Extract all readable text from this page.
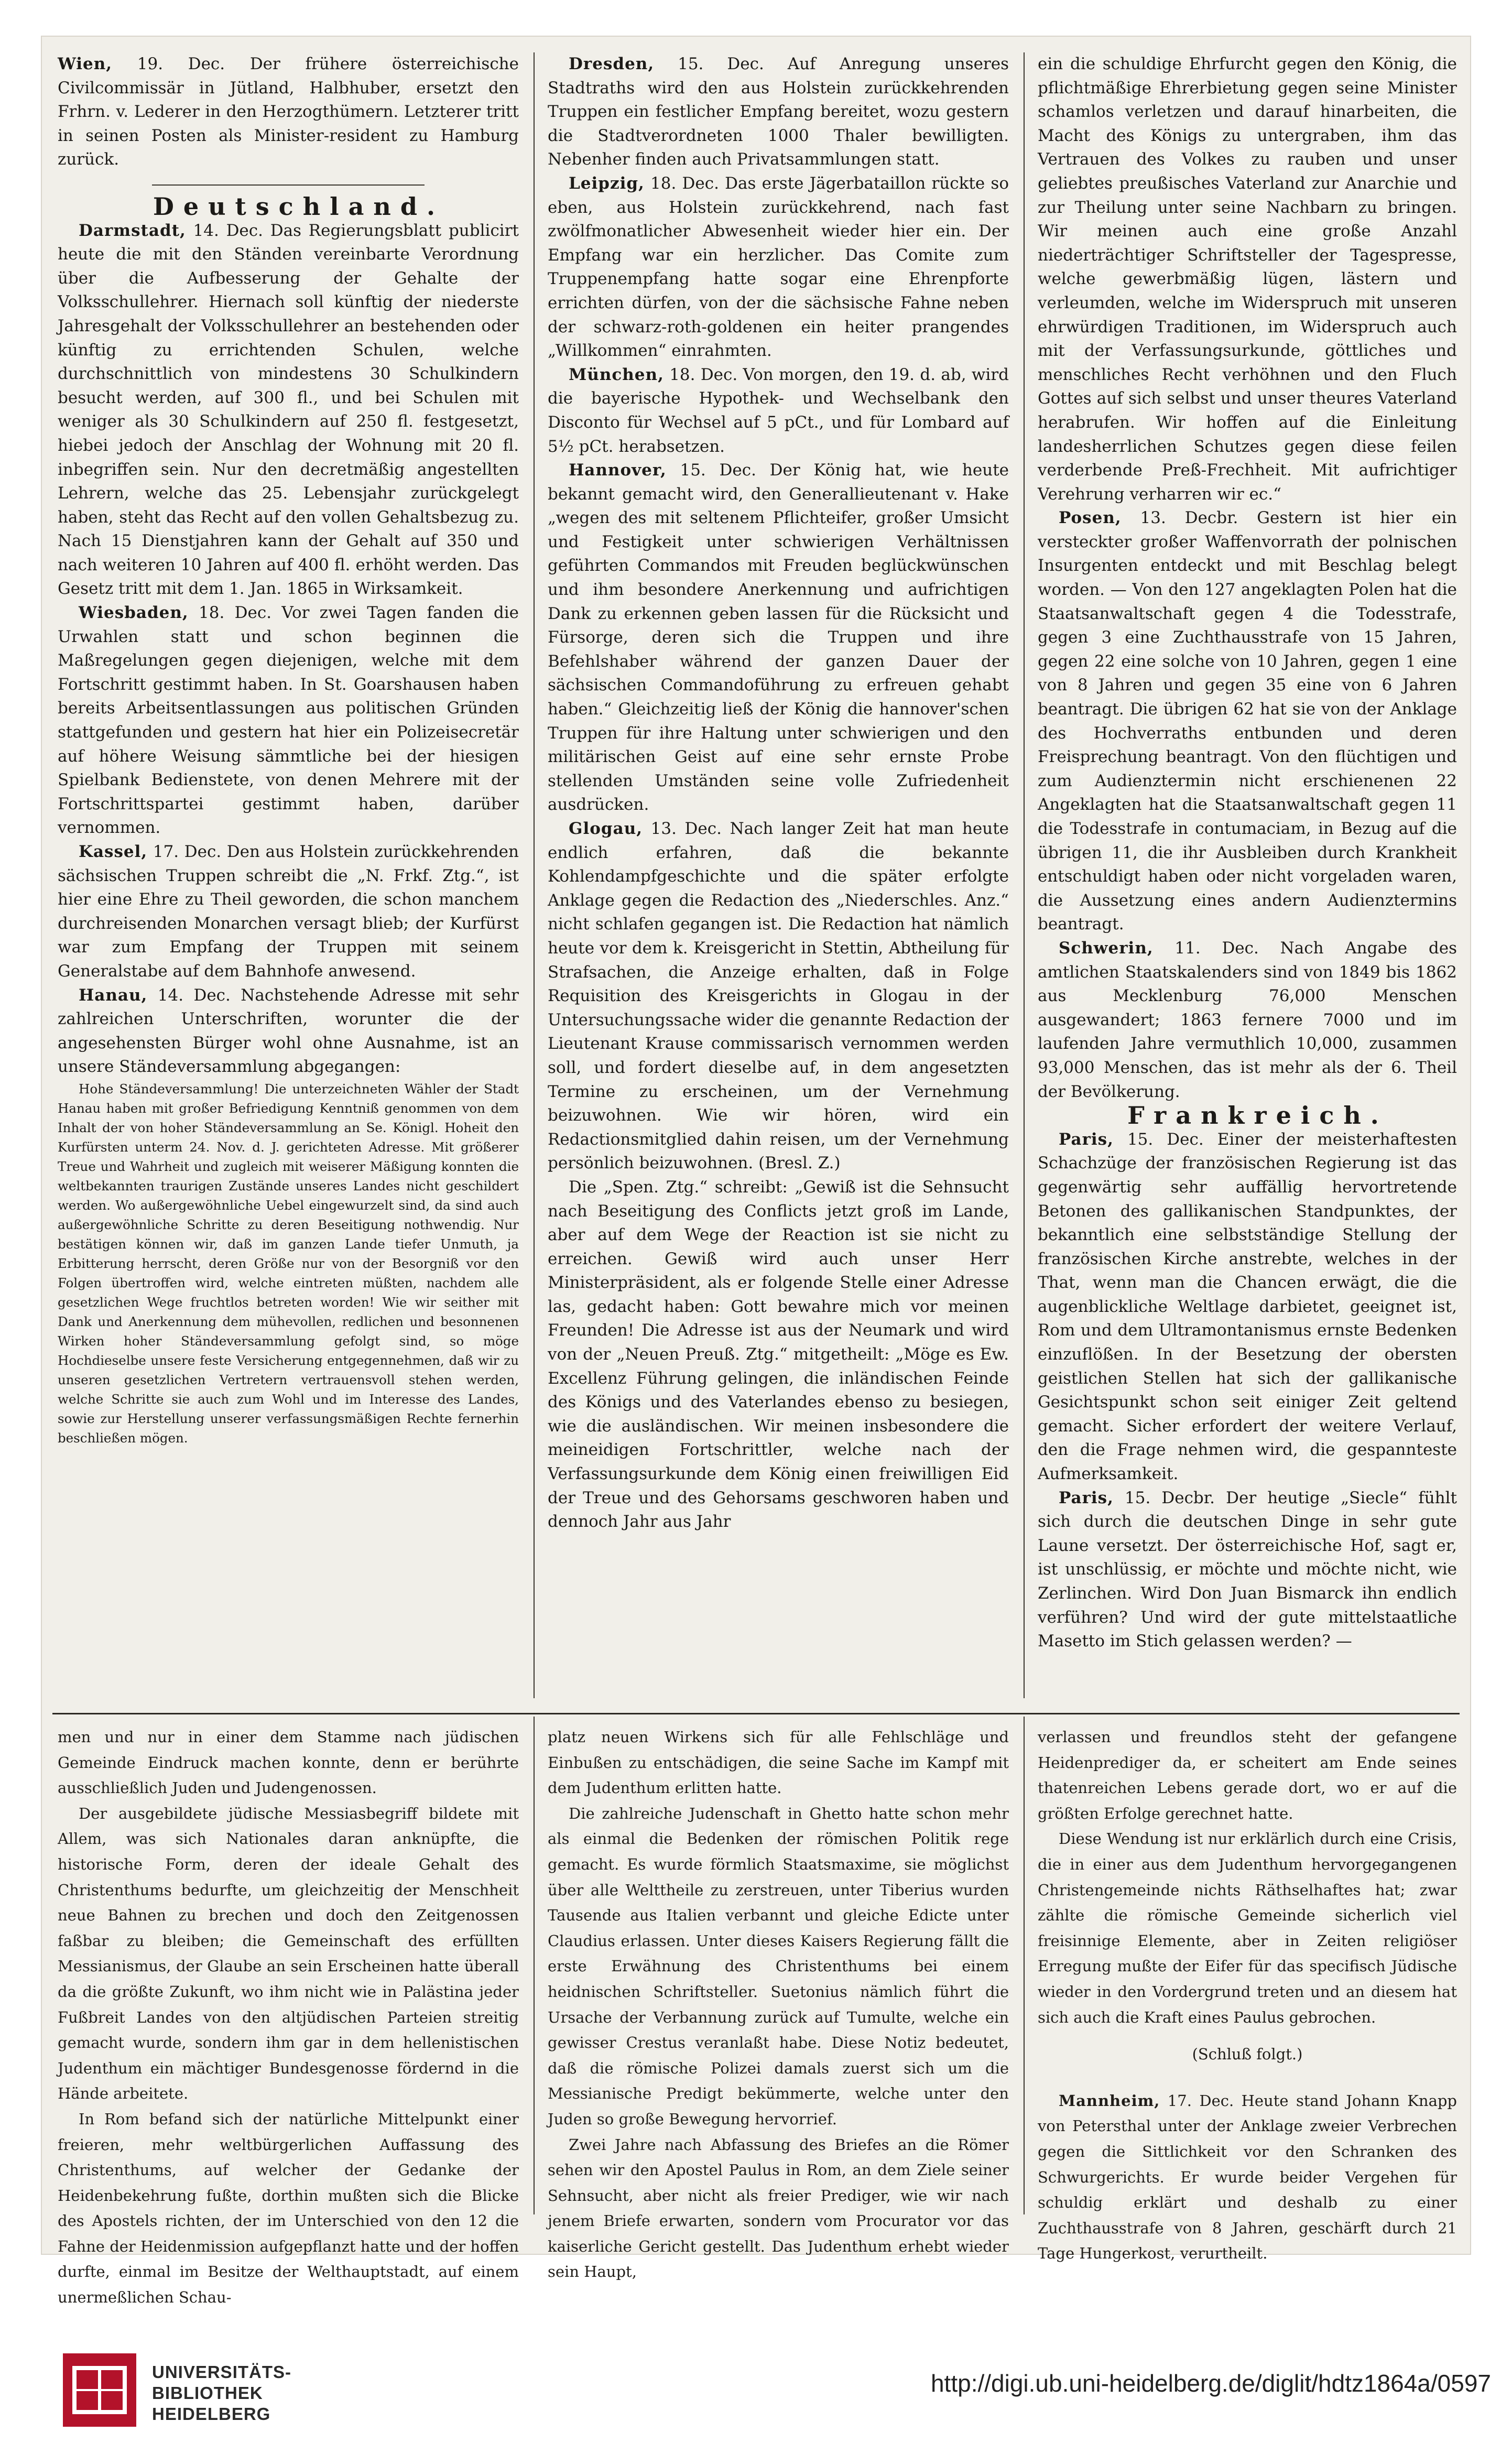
Wien, 19. Dec. Der frühere österreichische Civilcommissär in Jütland, Halbhuber, ersetzt den Frhrn. v. Lederer in den Herzogthümern. Letzterer tritt in seinen Posten als Minister-resident zu Hamburg zurück.

Deutschland.

Darmstadt, 14. Dec. Das Regierungsblatt publicirt heute die mit den Ständen vereinbarte Verordnung über die Aufbesserung der Gehalte der Volksschullehrer. Hiernach soll künftig der niederste Jahresgehalt der Volksschullehrer an bestehenden oder künftig zu errichtenden Schulen, welche durchschnittlich von mindestens 30 Schulkindern besucht werden, auf 300 fl., und bei Schulen mit weniger als 30 Schulkindern auf 250 fl. festgesetzt, hiebei jedoch der Anschlag der Wohnung mit 20 fl. inbegriffen sein. Nur den decretmäßig angestellten Lehrern, welche das 25. Lebensjahr zurückgelegt haben, steht das Recht auf den vollen Gehaltsbezug zu. Nach 15 Dienstjahren kann der Gehalt auf 350 und nach weiteren 10 Jahren auf 400 fl. erhöht werden. Das Gesetz tritt mit dem 1. Jan. 1865 in Wirksamkeit.

Wiesbaden, 18. Dec. Vor zwei Tagen fanden die Urwahlen statt und schon beginnen die Maßregelungen gegen diejenigen, welche mit dem Fortschritt gestimmt haben. In St. Goarshausen haben bereits Arbeitsentlassungen aus politischen Gründen stattgefunden und gestern hat hier ein Polizeisecretär auf höhere Weisung sämmtliche bei der hiesigen Spielbank Bedienstete, von denen Mehrere mit der Fortschrittspartei gestimmt haben, darüber vernommen.

Kassel, 17. Dec. Den aus Holstein zurückkehrenden sächsischen Truppen schreibt die „N. Frkf. Ztg.“, ist hier eine Ehre zu Theil geworden, die schon manchem durchreisenden Monarchen versagt blieb; der Kurfürst war zum Empfang der Truppen mit seinem Generalstabe auf dem Bahnhofe anwesend.

Hanau, 14. Dec. Nachstehende Adresse mit sehr zahlreichen Unterschriften, worunter die der angesehensten Bürger wohl ohne Ausnahme, ist an unsere Ständeversammlung abgegangen:

Hohe Ständeversammlung! Die unterzeichneten Wähler der Stadt Hanau haben mit großer Befriedigung Kenntniß genommen von dem Inhalt der von hoher Ständeversammlung an Se. Königl. Hoheit den Kurfürsten unterm 24. Nov. d. J. gerichteten Adresse. Mit größerer Treue und Wahrheit und zugleich mit weiserer Mäßigung konnten die weltbekannten traurigen Zustände unseres Landes nicht geschildert werden. Wo außergewöhnliche Uebel eingewurzelt sind, da sind auch außergewöhnliche Schritte zu deren Beseitigung nothwendig. Nur bestätigen können wir, daß im ganzen Lande tiefer Unmuth, ja Erbitterung herrscht, deren Größe nur von der Besorgniß vor den Folgen übertroffen wird, welche eintreten müßten, nachdem alle gesetzlichen Wege fruchtlos betreten worden! Wie wir seither mit Dank und Anerkennung dem mühevollen, redlichen und besonnenen Wirken hoher Ständeversammlung gefolgt sind, so möge Hochdieselbe unsere feste Versicherung entgegennehmen, daß wir zu unseren gesetzlichen Vertretern vertrauensvoll stehen werden, welche Schritte sie auch zum Wohl und im Interesse des Landes, sowie zur Herstellung unserer verfassungsmäßigen Rechte fernerhin beschließen mögen.

Dresden, 15. Dec. Auf Anregung unseres Stadtraths wird den aus Holstein zurückkehrenden Truppen ein festlicher Empfang bereitet, wozu gestern die Stadtverordneten 1000 Thaler bewilligten. Nebenher finden auch Privatsammlungen statt.

Leipzig, 18. Dec. Das erste Jägerbataillon rückte so eben, aus Holstein zurückkehrend, nach fast zwölfmonatlicher Abwesenheit wieder hier ein. Der Empfang war ein herzlicher. Das Comite zum Truppenempfang hatte sogar eine Ehrenpforte errichten dürfen, von der die sächsische Fahne neben der schwarz-roth-goldenen ein heiter prangendes „Willkommen“ einrahmten.

München, 18. Dec. Von morgen, den 19. d. ab, wird die bayerische Hypothek- und Wechselbank den Disconto für Wechsel auf 5 pCt., und für Lombard auf 5½ pCt. herabsetzen.

Hannover, 15. Dec. Der König hat, wie heute bekannt gemacht wird, den Generallieutenant v. Hake „wegen des mit seltenem Pflichteifer, großer Umsicht und Festigkeit unter schwierigen Verhältnissen geführten Commandos mit Freuden beglückwünschen und ihm besondere Anerkennung und aufrichtigen Dank zu erkennen geben lassen für die Rücksicht und Fürsorge, deren sich die Truppen und ihre Befehlshaber während der ganzen Dauer der sächsischen Commandoführung zu erfreuen gehabt haben.“ Gleichzeitig ließ der König die hannover'schen Truppen für ihre Haltung unter schwierigen und den militärischen Geist auf eine sehr ernste Probe stellenden Umständen seine volle Zufriedenheit ausdrücken.

Glogau, 13. Dec. Nach langer Zeit hat man heute endlich erfahren, daß die bekannte Kohlendampfgeschichte und die später erfolgte Anklage gegen die Redaction des „Niederschles. Anz.“ nicht schlafen gegangen ist. Die Redaction hat nämlich heute vor dem k. Kreisgericht in Stettin, Abtheilung für Strafsachen, die Anzeige erhalten, daß in Folge Requisition des Kreisgerichts in Glogau in der Untersuchungssache wider die genannte Redaction der Lieutenant Krause commissarisch vernommen werden soll, und fordert dieselbe auf, in dem angesetzten Termine zu erscheinen, um der Vernehmung beizuwohnen. Wie wir hören, wird ein Redactionsmitglied dahin reisen, um der Vernehmung persönlich beizuwohnen. (Bresl. Z.)

Die „Spen. Ztg.“ schreibt: „Gewiß ist die Sehnsucht nach Beseitigung des Conflicts jetzt groß im Lande, aber auf dem Wege der Reaction ist sie nicht zu erreichen. Gewiß wird auch unser Herr Ministerpräsident, als er folgende Stelle einer Adresse las, gedacht haben: Gott bewahre mich vor meinen Freunden! Die Adresse ist aus der Neumark und wird von der „Neuen Preuß. Ztg.“ mitgetheilt: „Möge es Ew. Excellenz Führung gelingen, die inländischen Feinde des Königs und des Vaterlandes ebenso zu besiegen, wie die ausländischen. Wir meinen insbesondere die meineidigen Fortschrittler, welche nach der Verfassungsurkunde dem König einen freiwilligen Eid der Treue und des Gehorsams geschworen haben und dennoch Jahr aus Jahr

ein die schuldige Ehrfurcht gegen den König, die pflichtmäßige Ehrerbietung gegen seine Minister schamlos verletzen und darauf hinarbeiten, die Macht des Königs zu untergraben, ihm das Vertrauen des Volkes zu rauben und unser geliebtes preußisches Vaterland zur Anarchie und zur Theilung unter seine Nachbarn zu bringen. Wir meinen auch eine große Anzahl niederträchtiger Schriftsteller der Tagespresse, welche gewerbmäßig lügen, lästern und verleumden, welche im Widerspruch mit unseren ehrwürdigen Traditionen, im Widerspruch auch mit der Verfassungsurkunde, göttliches und menschliches Recht verhöhnen und den Fluch Gottes auf sich selbst und unser theures Vaterland herabrufen. Wir hoffen auf die Einleitung landesherrlichen Schutzes gegen diese feilen verderbende Preß-Frechheit. Mit aufrichtiger Verehrung verharren wir ec.“

Posen, 13. Decbr. Gestern ist hier ein versteckter großer Waffenvorrath der polnischen Insurgenten entdeckt und mit Beschlag belegt worden. — Von den 127 angeklagten Polen hat die Staatsanwaltschaft gegen 4 die Todesstrafe, gegen 3 eine Zuchthausstrafe von 15 Jahren, gegen 22 eine solche von 10 Jahren, gegen 1 eine von 8 Jahren und gegen 35 eine von 6 Jahren beantragt. Die übrigen 62 hat sie von der Anklage des Hochverraths entbunden und deren Freisprechung beantragt. Von den flüchtigen und zum Audienztermin nicht erschienenen 22 Angeklagten hat die Staatsanwaltschaft gegen 11 die Todesstrafe in contumaciam, in Bezug auf die übrigen 11, die ihr Ausbleiben durch Krankheit entschuldigt haben oder nicht vorgeladen waren, die Aussetzung eines andern Audienztermins beantragt.

Schwerin, 11. Dec. Nach Angabe des amtlichen Staatskalenders sind von 1849 bis 1862 aus Mecklenburg 76,000 Menschen ausgewandert; 1863 fernere 7000 und im laufenden Jahre vermuthlich 10,000, zusammen 93,000 Menschen, das ist mehr als der 6. Theil der Bevölkerung.

Frankreich.

Paris, 15. Dec. Einer der meisterhaftesten Schachzüge der französischen Regierung ist das gegenwärtig sehr auffällig hervortretende Betonen des gallikanischen Standpunktes, der bekanntlich eine selbstständige Stellung der französischen Kirche anstrebte, welches in der That, wenn man die Chancen erwägt, die die augenblickliche Weltlage darbietet, geeignet ist, Rom und dem Ultramontanismus ernste Bedenken einzuflößen. In der Besetzung der obersten geistlichen Stellen hat sich der gallikanische Gesichtspunkt schon seit einiger Zeit geltend gemacht. Sicher erfordert der weitere Verlauf, den die Frage nehmen wird, die gespannteste Aufmerksamkeit.

Paris, 15. Decbr. Der heutige „Siecle“ fühlt sich durch die deutschen Dinge in sehr gute Laune versetzt. Der österreichische Hof, sagt er, ist unschlüssig, er möchte und möchte nicht, wie Zerlinchen. Wird Don Juan Bismarck ihn endlich verführen? Und wird der gute mittelstaatliche Masetto im Stich gelassen werden? —

men und nur in einer dem Stamme nach jüdischen Gemeinde Eindruck machen konnte, denn er berührte ausschließlich Juden und Judengenossen.

Der ausgebildete jüdische Messiasbegriff bildete mit Allem, was sich Nationales daran anknüpfte, die historische Form, deren der ideale Gehalt des Christenthums bedurfte, um gleichzeitig der Menschheit neue Bahnen zu brechen und doch den Zeitgenossen faßbar zu bleiben; die Gemeinschaft des erfüllten Messianismus, der Glaube an sein Erscheinen hatte überall da die größte Zukunft, wo ihm nicht wie in Palästina jeder Fußbreit Landes von den altjüdischen Parteien streitig gemacht wurde, sondern ihm gar in dem hellenistischen Judenthum ein mächtiger Bundesgenosse fördernd in die Hände arbeitete.

In Rom befand sich der natürliche Mittelpunkt einer freieren, mehr weltbürgerlichen Auffassung des Christenthums, auf welcher der Gedanke der Heidenbekehrung fußte, dorthin mußten sich die Blicke des Apostels richten, der im Unterschied von den 12 die Fahne der Heidenmission aufgepflanzt hatte und der hoffen durfte, einmal im Besitze der Welthauptstadt, auf einem unermeßlichen Schau-

platz neuen Wirkens sich für alle Fehlschläge und Einbußen zu entschädigen, die seine Sache im Kampf mit dem Judenthum erlitten hatte.

Die zahlreiche Judenschaft in Ghetto hatte schon mehr als einmal die Bedenken der römischen Politik rege gemacht. Es wurde förmlich Staatsmaxime, sie möglichst über alle Welttheile zu zerstreuen, unter Tiberius wurden Tausende aus Italien verbannt und gleiche Edicte unter Claudius erlassen. Unter dieses Kaisers Regierung fällt die erste Erwähnung des Christenthums bei einem heidnischen Schriftsteller. Suetonius nämlich führt die Ursache der Verbannung zurück auf Tumulte, welche ein gewisser Crestus veranlaßt habe. Diese Notiz bedeutet, daß die römische Polizei damals zuerst sich um die Messianische Predigt bekümmerte, welche unter den Juden so große Bewegung hervorrief.

Zwei Jahre nach Abfassung des Briefes an die Römer sehen wir den Apostel Paulus in Rom, an dem Ziele seiner Sehnsucht, aber nicht als freier Prediger, wie wir nach jenem Briefe erwarten, sondern vom Procurator vor das kaiserliche Gericht gestellt. Das Judenthum erhebt wieder sein Haupt,

verlassen und freundlos steht der gefangene Heidenprediger da, er scheitert am Ende seines thatenreichen Lebens gerade dort, wo er auf die größten Erfolge gerechnet hatte.

Diese Wendung ist nur erklärlich durch eine Crisis, die in einer aus dem Judenthum hervorgegangenen Christengemeinde nichts Räthselhaftes hat; zwar zählte die römische Gemeinde sicherlich viel freisinnige Elemente, aber in Zeiten religiöser Erregung mußte der Eifer für das specifisch Jüdische wieder in den Vordergrund treten und an diesem hat sich auch die Kraft eines Paulus gebrochen.

(Schluß folgt.)

Mannheim, 17. Dec. Heute stand Johann Knapp von Petersthal unter der Anklage zweier Verbrechen gegen die Sittlichkeit vor den Schranken des Schwurgerichts. Er wurde beider Vergehen für schuldig erklärt und deshalb zu einer Zuchthausstrafe von 8 Jahren, geschärft durch 21 Tage Hungerkost, verurtheilt.

UNIVERSITÄTS-
BIBLIOTHEK
HEIDELBERG
http://digi.ub.uni-heidelberg.de/diglit/hdtz1864a/0597
